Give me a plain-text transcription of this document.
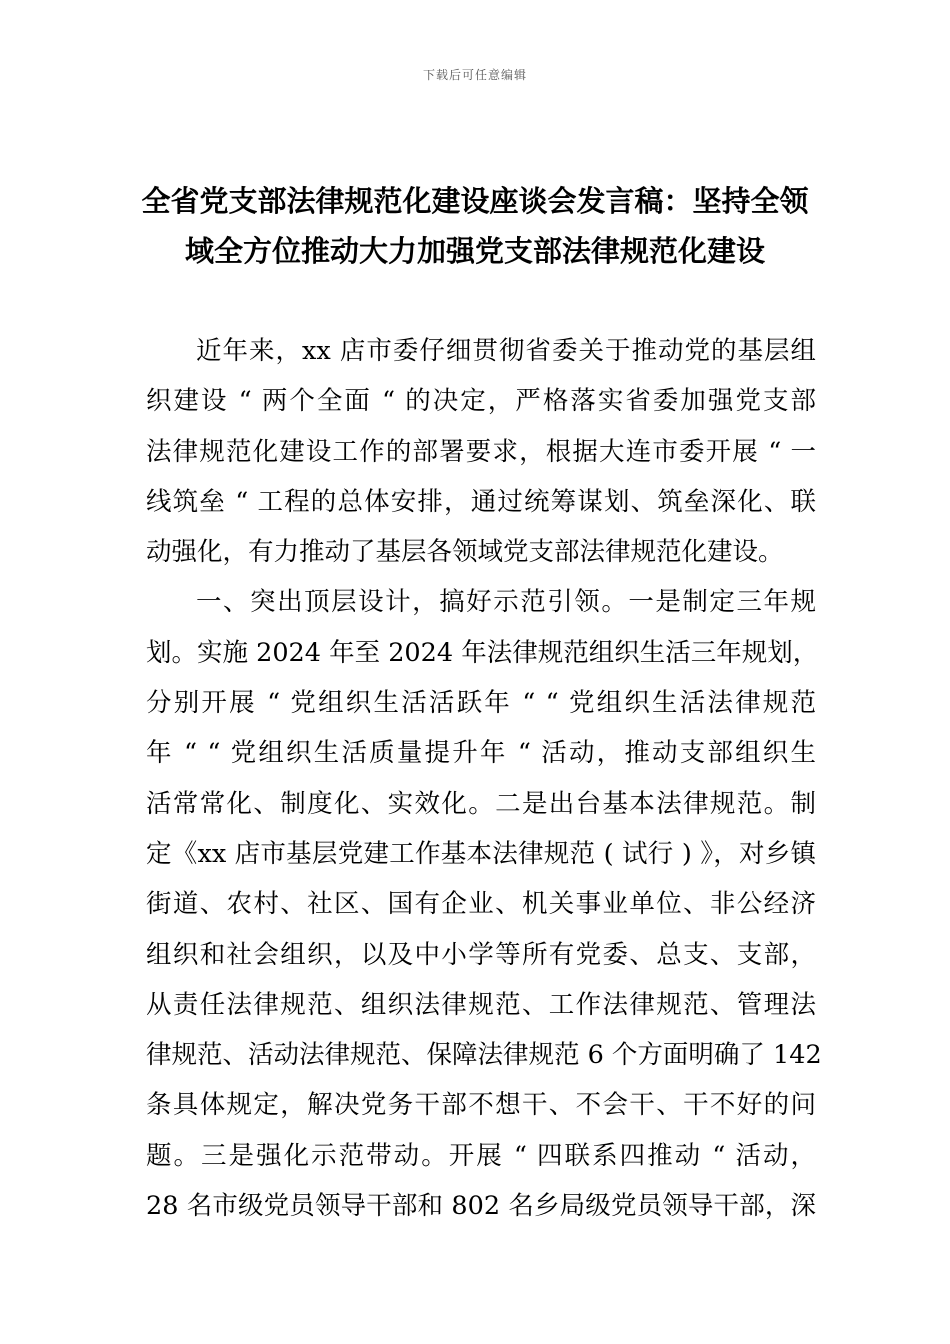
下载后可任意编辑
全省党支部法律规范化建设座谈会发言稿：坚持全领
域全方位推动大力加强党支部法律规范化建设
近年来，xx 店市委仔细贯彻省委关于推动党的基层组
织建设 “ 两个全面 “ 的决定，严格落实省委加强党支部
法律规范化建设工作的部署要求，根据大连市委开展 “ 一
线筑垒 “ 工程的总体安排，通过统筹谋划、筑垒深化、联
动强化，有力推动了基层各领域党支部法律规范化建设。
一、突出顶层设计，搞好示范引领。一是制定三年规
划。实施 2024 年至 2024 年法律规范组织生活三年规划，
分别开展 “ 党组织生活活跃年 “ “ 党组织生活法律规范
年 “ “ 党组织生活质量提升年 “ 活动，推动支部组织生
活常常化、制度化、实效化。二是出台基本法律规范。制
定《xx 店市基层党建工作基本法律规范 ( 试行 ) 》，对乡镇
街道、农村、社区、国有企业、机关事业单位、非公经济
组织和社会组织，以及中小学等所有党委、总支、支部，
从责任法律规范、组织法律规范、工作法律规范、管理法
律规范、活动法律规范、保障法律规范 6 个方面明确了 142
条具体规定，解决党务干部不想干、不会干、干不好的问
题。三是强化示范带动。开展 “ 四联系四推动 “ 活动，
28 名市级党员领导干部和 802 名乡局级党员领导干部，深
